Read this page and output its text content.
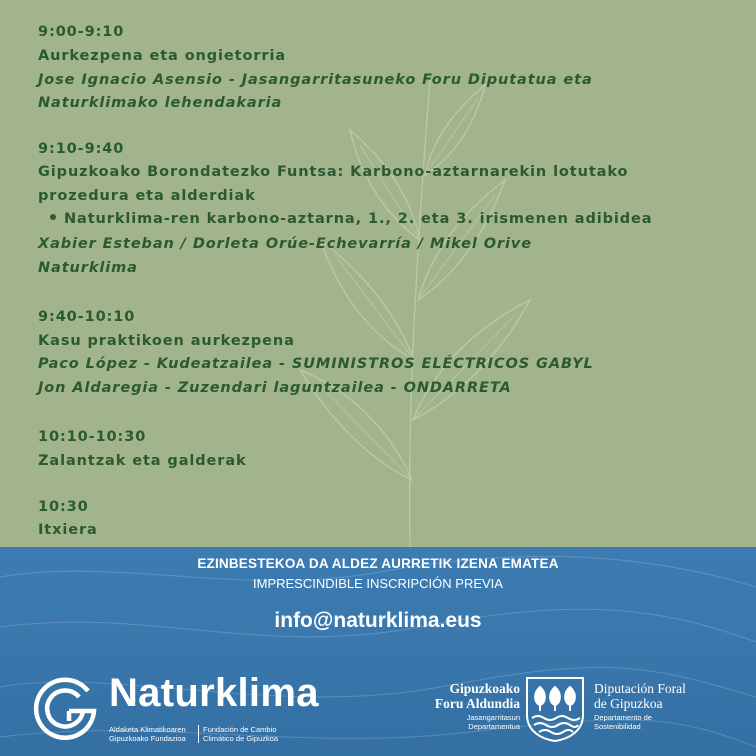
9:00-9:10
Aurkezpena eta ongietorria
Jose Ignacio Asensio - Jasangarritasuneko Foru Diputatua eta
Naturklimako lehendakaria
9:10-9:40
Gipuzkoako Borondatezko Funtsa: Karbono-aztarnarekin lotutako
prozedura eta alderdiak
Naturklima-ren karbono-aztarna, 1., 2. eta 3. irismenen adibidea
Xabier Esteban / Dorleta Orúe-Echevarría / Mikel Orive
Naturklima
9:40-10:10
Kasu praktikoen aurkezpena
Paco López - Kudeatzailea - SUMINISTROS ELÉCTRICOS GABYL
Jon Aldaregia - Zuzendari laguntzailea - ONDARRETA
10:10-10:30
Zalantzak eta galderak
10:30
Itxiera
EZINBESTEKOA DA ALDEZ AURRETIK IZENA EMATEA
IMPRESCINDIBLE INSCRIPCIÓN PREVIA
info@naturklima.eus
Naturklima
Aldaketa Klimatikoaren
Gipuzkoako Fundazioa
Fundación de Cambio
Climático de Gipuzkoa
Gipuzkoako
Foru Aldundia
Jasangarritasun
Departamentua
Diputación Foral
de Gipuzkoa
Departamento de
Sostenibilidad
